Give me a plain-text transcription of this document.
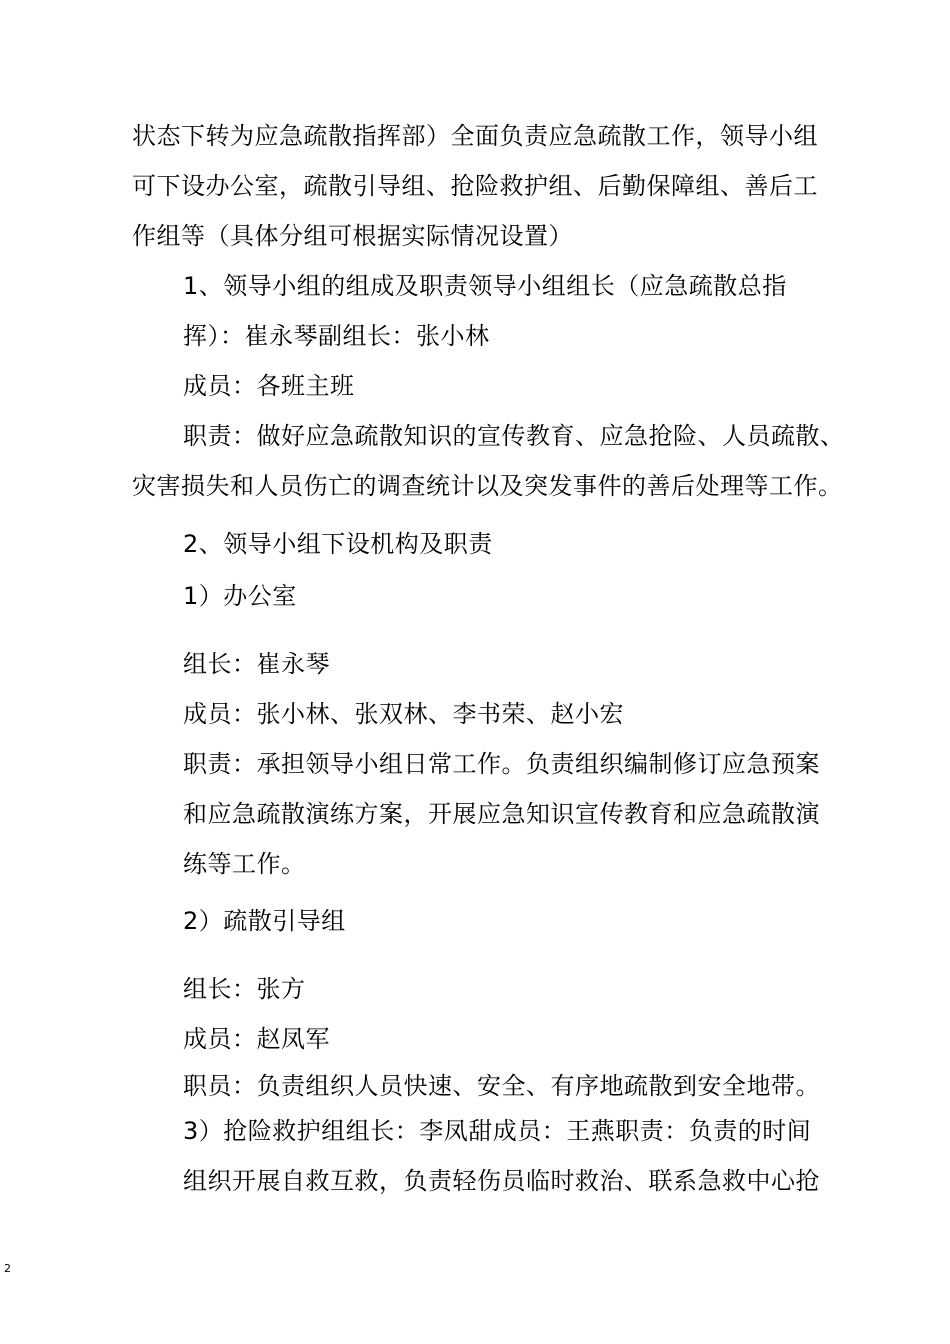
状态下转为应急疏散指挥部）全面负责应急疏散工作，领导小组
可下设办公室，疏散引导组、抢险救护组、后勤保障组、善后工
作组等（具体分组可根据实际情况设置）
1、领导小组的组成及职责领导小组组长（应急疏散总指
挥）：崔永琴副组长：张小林
成员：各班主班
职责：做好应急疏散知识的宣传教育、应急抢险、人员疏散、
灾害损失和人员伤亡的调查统计以及突发事件的善后处理等工作。
2、领导小组下设机构及职责
1）办公室
组长：崔永琴
成员：张小林、张双林、李书荣、赵小宏
职责：承担领导小组日常工作。负责组织编制修订应急预案
和应急疏散演练方案，开展应急知识宣传教育和应急疏散演
练等工作。
2）疏散引导组
组长：张方
成员：赵凤军
职员：负责组织人员快速、安全、有序地疏散到安全地带。
3）抢险救护组组长：李凤甜成员：王燕职责：负责的时间
组织开展自救互救，负责轻伤员临时救治、联系急救中心抢
2
